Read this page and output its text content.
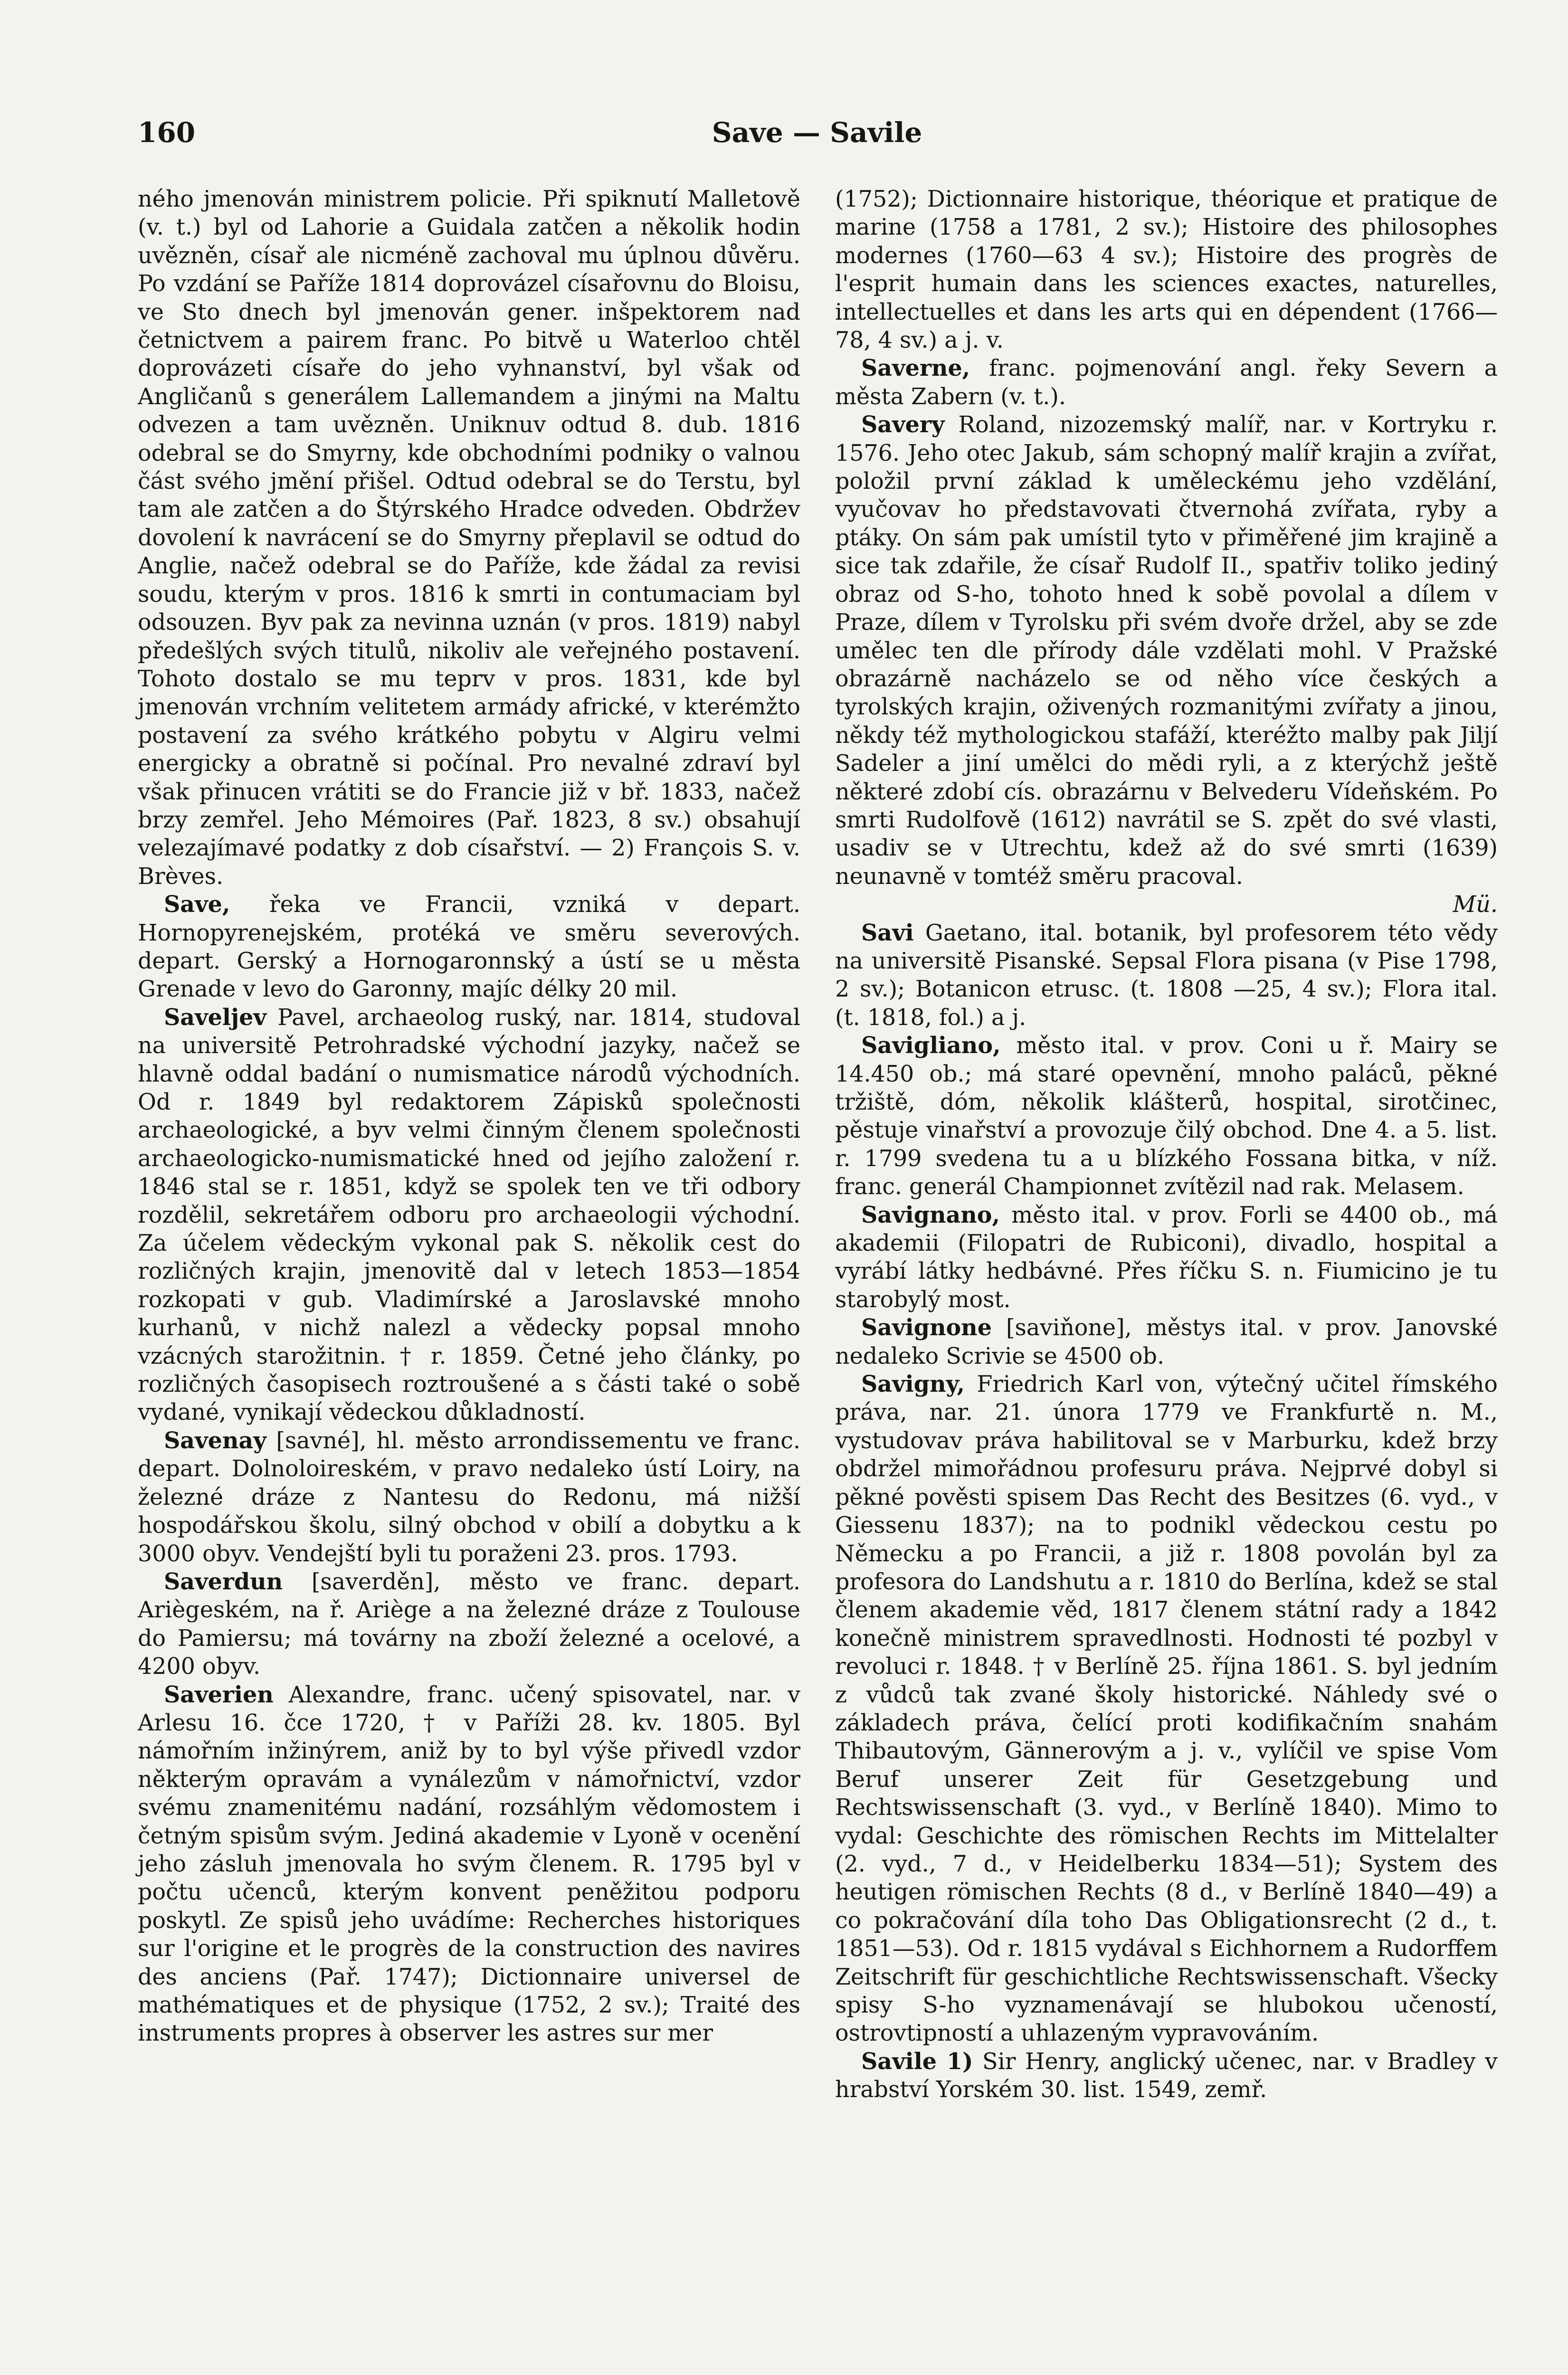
160	Save — Savile

ného jmenován ministrem policie. Při spiknutí Malletově (v. t.) byl od Lahorie a Guidala zatčen a několik hodin uvězněn, císař ale nicméně zachoval mu úplnou důvěru. Po vzdání se Paříže 1814 doprovázel císařovnu do Bloisu, ve Sto dnech byl jmenován gener. inšpektorem nad četnictvem a pairem franc. Po bitvě u Waterloo chtěl doprovázeti císaře do jeho vyhnanství, byl však od Angličanů s generálem Lallemandem a jinými na Maltu odvezen a tam uvězněn. Uniknuv odtud 8. dub. 1816 odebral se do Smyrny, kde obchodními podniky o valnou část svého jmění přišel. Odtud odebral se do Terstu, byl tam ale zatčen a do Štýrského Hradce odveden. Obdržev dovolení k navrácení se do Smyrny přeplavil se odtud do Anglie, načež odebral se do Paříže, kde žádal za revisi soudu, kterým v pros. 1816 k smrti in contumaciam byl odsouzen. Byv pak za nevinna uznán (v pros. 1819) nabyl předešlých svých titulů, nikoliv ale veřejného postavení. Tohoto dostalo se mu teprv v pros. 1831, kde byl jmenován vrchním velitetem armády africké, v kterémžto postavení za svého krátkého pobytu v Algiru velmi energicky a obratně si počínal. Pro nevalné zdraví byl však přinucen vrátiti se do Francie již v bř. 1833, načež brzy zemřel. Jeho Mémoires (Pař. 1823, 8 sv.) obsahují velezajímavé podatky z dob císařství. — 2) François S. v. Brèves.

Save, řeka ve Francii, vzniká v depart. Hornopyrenejském, protéká ve směru severových. depart. Gerský a Hornogaronnský a ústí se u města Grenade v levo do Garonny, majíc délky 20 mil.

Saveljev Pavel, archaeolog ruský, nar. 1814, studoval na universitě Petrohradské východní jazyky, načež se hlavně oddal badání o numismatice národů východních. Od r. 1849 byl redaktorem Zápisků společnosti archaeologické, a byv velmi činným členem společnosti archaeologicko-numismatické hned od jejího založení r. 1846 stal se r. 1851, když se spolek ten ve tři odbory rozdělil, sekretářem odboru pro archaeologii východní. Za účelem vědeckým vykonal pak S. několik cest do rozličných krajin, jmenovitě dal v letech 1853—1854 rozkopati v gub. Vladimírské a Jaroslavské mnoho kurhanů, v nichž nalezl a vědecky popsal mnoho vzácných starožitnin. † r. 1859. Četné jeho články, po rozličných časopisech roztroušené a s části také o sobě vydané, vynikají vědeckou důkladností.

Savenay [savné], hl. město arrondissementu ve franc. depart. Dolnoloireském, v pravo nedaleko ústí Loiry, na železné dráze z Nantesu do Redonu, má nižší hospodářskou školu, silný obchod v obilí a dobytku a k 3000 obyv. Vendejští byli tu poraženi 23. pros. 1793.

Saverdun [saverděn], město ve franc. depart. Ariègeském, na ř. Ariège a na železné dráze z Toulouse do Pamiersu; má továrny na zboží železné a ocelové, a 4200 obyv.

Saverien Alexandre, franc. učený spisovatel, nar. v Arlesu 16. čce 1720, † v Paříži 28. kv. 1805. Byl námořním inžinýrem, aniž by to byl výše přivedl vzdor některým opravám a vynálezům v námořnictví, vzdor svému znamenitému nadání, rozsáhlým vědomostem i četným spisům svým. Jediná akademie v Lyoně v ocenění jeho zásluh jmenovala ho svým členem. R. 1795 byl v počtu učenců, kterým konvent peněžitou podporu poskytl. Ze spisů jeho uvádíme: Recherches historiques sur l'origine et le progrès de la construction des navires des anciens (Pař. 1747); Dictionnaire universel de mathématiques et de physique (1752, 2 sv.); Traité des instruments propres à observer les astres sur mer

(1752); Dictionnaire historique, théorique et pratique de marine (1758 a 1781, 2 sv.); Histoire des philosophes modernes (1760—63 4 sv.); Histoire des progrès de l'esprit humain dans les sciences exactes, naturelles, intellectuelles et dans les arts qui en dépendent (1766—78, 4 sv.) a j. v.

Saverne, franc. pojmenování angl. řeky Severn a města Zabern (v. t.).

Savery Roland, nizozemský malíř, nar. v Kortryku r. 1576. Jeho otec Jakub, sám schopný malíř krajin a zvířat, položil první základ k uměleckému jeho vzdělání, vyučovav ho představovati čtvernohá zvířata, ryby a ptáky. On sám pak umístil tyto v přiměřené jim krajině a sice tak zdařile, že císař Rudolf II., spatřiv toliko jediný obraz od S-ho, tohoto hned k sobě povolal a dílem v Praze, dílem v Tyrolsku při svém dvoře držel, aby se zde umělec ten dle přírody dále vzdělati mohl. V Pražské obrazárně nacházelo se od něho více českých a tyrolských krajin, oživených rozmanitými zvířaty a jinou, někdy též mythologickou stafáží, kteréžto malby pak Jiljí Sadeler a jiní umělci do mědi ryli, a z kterýchž ještě některé zdobí cís. obrazárnu v Belvederu Vídeňském. Po smrti Rudolfově (1612) navrátil se S. zpět do své vlasti, usadiv se v Utrechtu, kdež až do své smrti (1639) neunavně v tomtéž směru pracoval.
Mü.

Savi Gaetano, ital. botanik, byl profesorem této vědy na universitě Pisanské. Sepsal Flora pisana (v Pise 1798, 2 sv.); Botanicon etrusc. (t. 1808 —25, 4 sv.); Flora ital. (t. 1818, fol.) a j.

Savigliano, město ital. v prov. Coni u ř. Mairy se 14.450 ob.; má staré opevnění, mnoho paláců, pěkné tržiště, dóm, několik klášterů, hospital, sirotčinec, pěstuje vinařství a provozuje čilý obchod. Dne 4. a 5. list. r. 1799 svedena tu a u blízkého Fossana bitka, v níž. franc. generál Championnet zvítězil nad rak. Melasem.

Savignano, město ital. v prov. Forli se 4400 ob., má akademii (Filopatri de Rubiconi), divadlo, hospital a vyrábí látky hedbávné. Přes říčku S. n. Fiumicino je tu starobylý most.

Savignone [saviňone], městys ital. v prov. Janovské nedaleko Scrivie se 4500 ob.

Savigny, Friedrich Karl von, výtečný učitel římského práva, nar. 21. února 1779 ve Frankfurtě n. M., vystudovav práva habilitoval se v Marburku, kdež brzy obdržel mimořádnou profesuru práva. Nejprvé dobyl si pěkné pověsti spisem Das Recht des Besitzes (6. vyd., v Giessenu 1837); na to podnikl vědeckou cestu po Německu a po Francii, a již r. 1808 povolán byl za profesora do Landshutu a r. 1810 do Berlína, kdež se stal členem akademie věd, 1817 členem státní rady a 1842 konečně ministrem spravedlnosti. Hodnosti té pozbyl v revoluci r. 1848. † v Berlíně 25. října 1861. S. byl jedním z vůdců tak zvané školy historické. Náhledy své o základech práva, čelící proti kodifikačním snahám Thibautovým, Gännerovým a j. v., vylíčil ve spise Vom Beruf unserer Zeit für Gesetzgebung und Rechtswissenschaft (3. vyd., v Berlíně 1840). Mimo to vydal: Geschichte des römischen Rechts im Mittelalter (2. vyd., 7 d., v Heidelberku 1834—51); System des heutigen römischen Rechts (8 d., v Berlíně 1840—49) a co pokračování díla toho Das Obligationsrecht (2 d., t. 1851—53). Od r. 1815 vydával s Eichhornem a Rudorffem Zeitschrift für geschichtliche Rechtswissenschaft. Všecky spisy S-ho vyznamenávají se hlubokou učeností, ostrovtipností a uhlazeným vypravováním.

Savile 1) Sir Henry, anglický učenec, nar. v Bradley v hrabství Yorském 30. list. 1549, zemř.
